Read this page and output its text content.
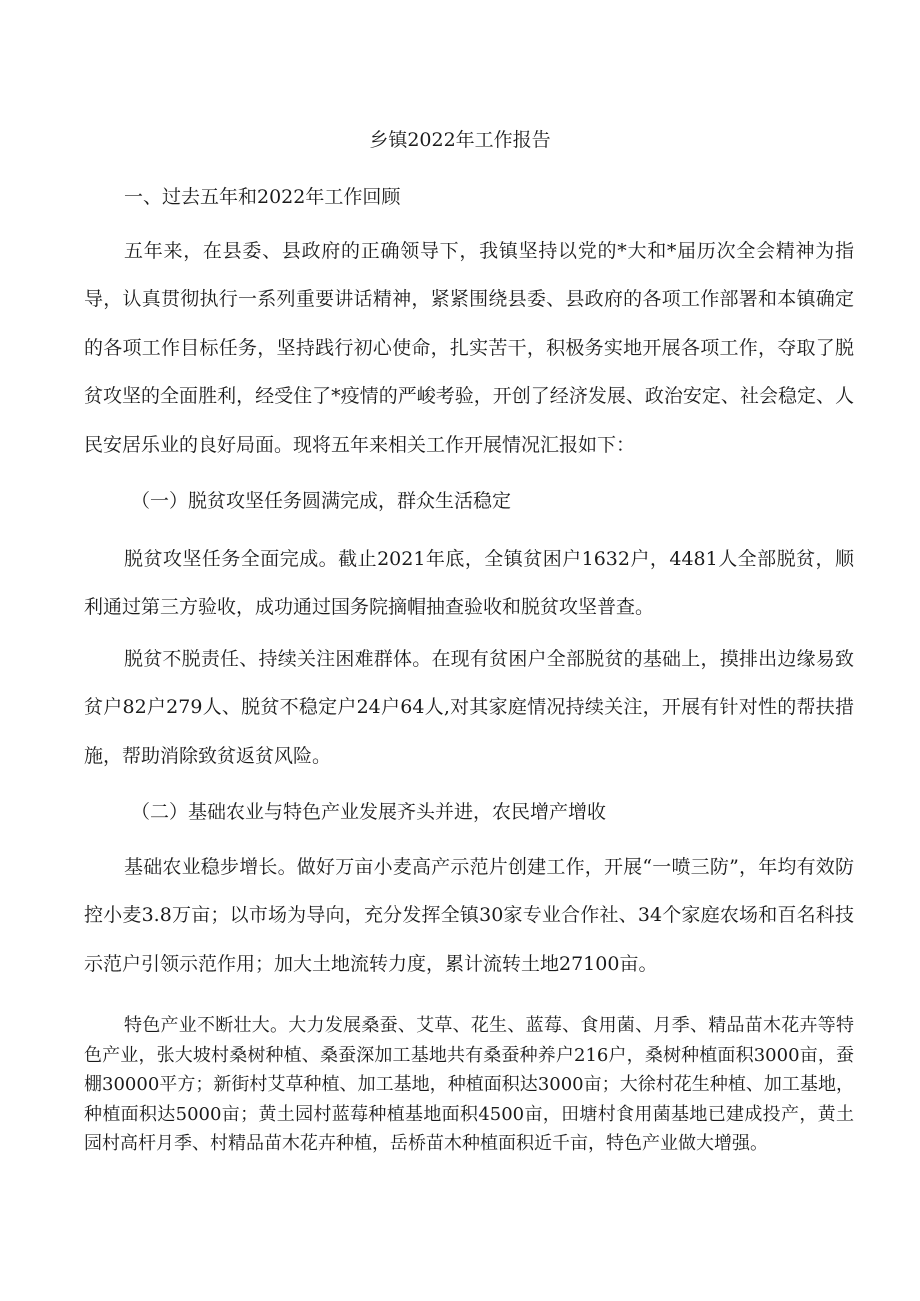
乡镇2022年工作报告

一、过去五年和2022年工作回顾

五年来，在县委、县政府的正确领导下，我镇坚持以党的*大和*届历次全会精神为指导，认真贯彻执行一系列重要讲话精神，紧紧围绕县委、县政府的各项工作部署和本镇确定的各项工作目标任务，坚持践行初心使命，扎实苦干，积极务实地开展各项工作，夺取了脱贫攻坚的全面胜利，经受住了*疫情的严峻考验，开创了经济发展、政治安定、社会稳定、人民安居乐业的良好局面。现将五年来相关工作开展情况汇报如下：

（一）脱贫攻坚任务圆满完成，群众生活稳定

脱贫攻坚任务全面完成。截止2021年底，全镇贫困户1632户，4481人全部脱贫，顺利通过第三方验收，成功通过国务院摘帽抽查验收和脱贫攻坚普查。

脱贫不脱责任、持续关注困难群体。在现有贫困户全部脱贫的基础上，摸排出边缘易致贫户82户279人、脱贫不稳定户24户64人,对其家庭情况持续关注，开展有针对性的帮扶措施，帮助消除致贫返贫风险。

（二）基础农业与特色产业发展齐头并进，农民增产增收

基础农业稳步增长。做好万亩小麦高产示范片创建工作，开展“一喷三防”，年均有效防控小麦3.8万亩；以市场为导向，充分发挥全镇30家专业合作社、34个家庭农场和百名科技示范户引领示范作用；加大土地流转力度，累计流转土地27100亩。

特色产业不断壮大。大力发展桑蚕、艾草、花生、蓝莓、食用菌、月季、精品苗木花卉等特色产业，张大坡村桑树种植、桑蚕深加工基地共有桑蚕种养户216户，桑树种植面积3000亩，蚕棚30000平方；新街村艾草种植、加工基地，种植面积达3000亩；大徐村花生种植、加工基地，种植面积达5000亩；黄土园村蓝莓种植基地面积4500亩，田塘村食用菌基地已建成投产，黄土园村高杆月季、村精品苗木花卉种植，岳桥苗木种植面积近千亩，特色产业做大增强。
